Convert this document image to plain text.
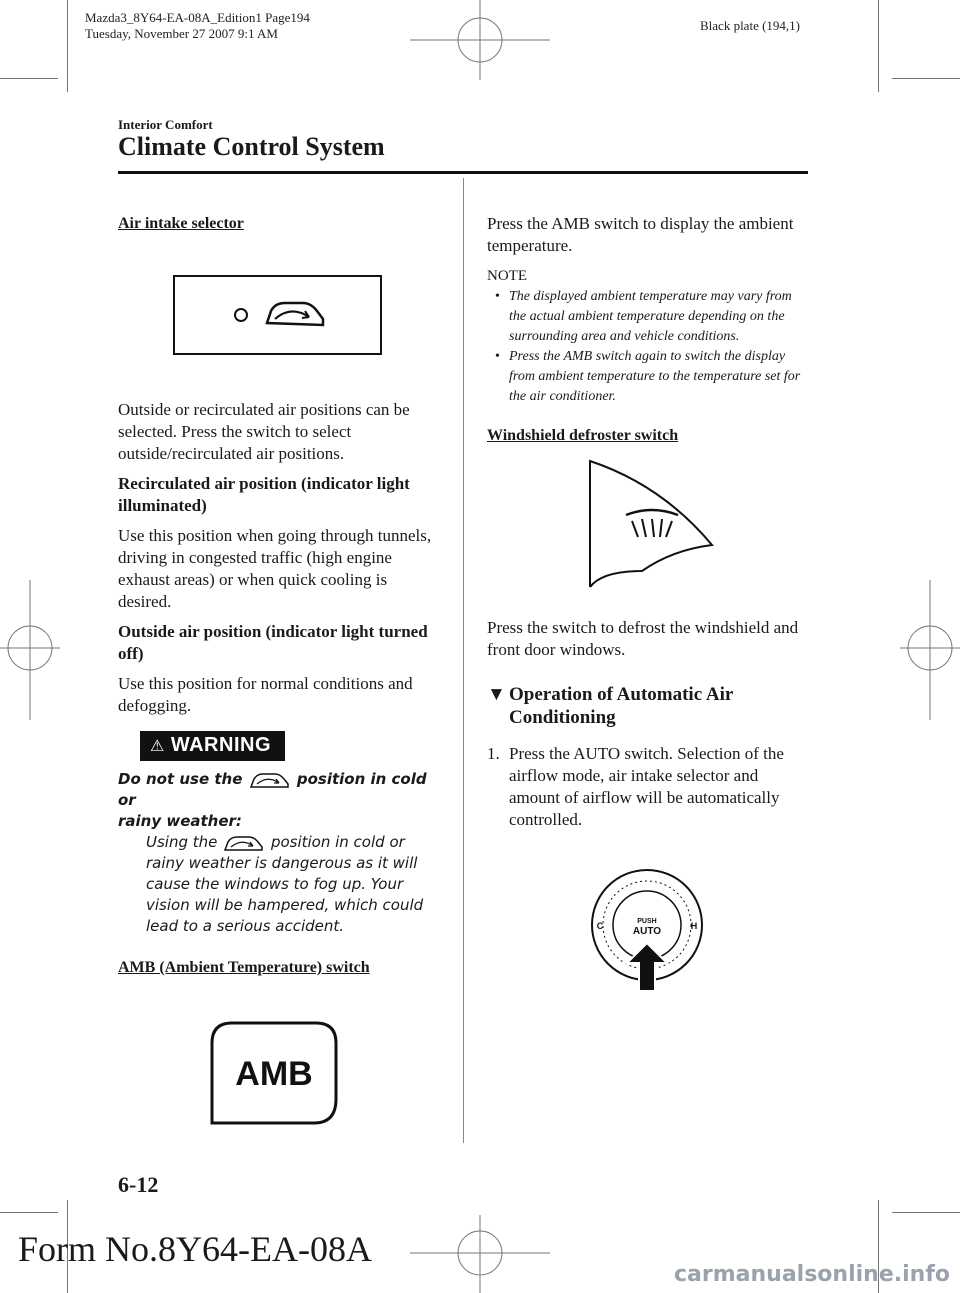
Mazda3_8Y64-EA-08A_Edition1 Page194
Tuesday, November 27 2007 9:1 AM
Black plate (194,1)
Interior Comfort
Climate Control System

Air intake selector

Outside or recirculated air positions can be selected. Press the switch to select outside/recirculated air positions.

Recirculated air position (indicator light illuminated)

Use this position when going through tunnels, driving in congested traffic (high engine exhaust areas) or when quick cooling is desired.

Outside air position (indicator light turned off)

Use this position for normal conditions and defogging.

⚠ WARNING
Do not use the	position in cold or
rainy weather:
Using the	position in cold or rainy weather is dangerous as it will cause the windows to fog up. Your vision will be hampered, which could lead to a serious accident.

AMB (Ambient Temperature) switch

AMB

Press the AMB switch to display the ambient temperature.

NOTE

• The displayed ambient temperature may vary from the actual ambient temperature depending on the surrounding area and vehicle conditions.
• Press the AMB switch again to switch the display from ambient temperature to the temperature set for the air conditioner.

Windshield defroster switch

Press the switch to defrost the windshield and front door windows.

▼ Operation of Automatic Air
Conditioning
1. Press the AUTO switch. Selection of the airflow mode, air intake selector and amount of airflow will be automatically controlled.
PUSH
AUTO
C	H
6-12
Form No.8Y64-EA-08A
carmanualsonline.info
